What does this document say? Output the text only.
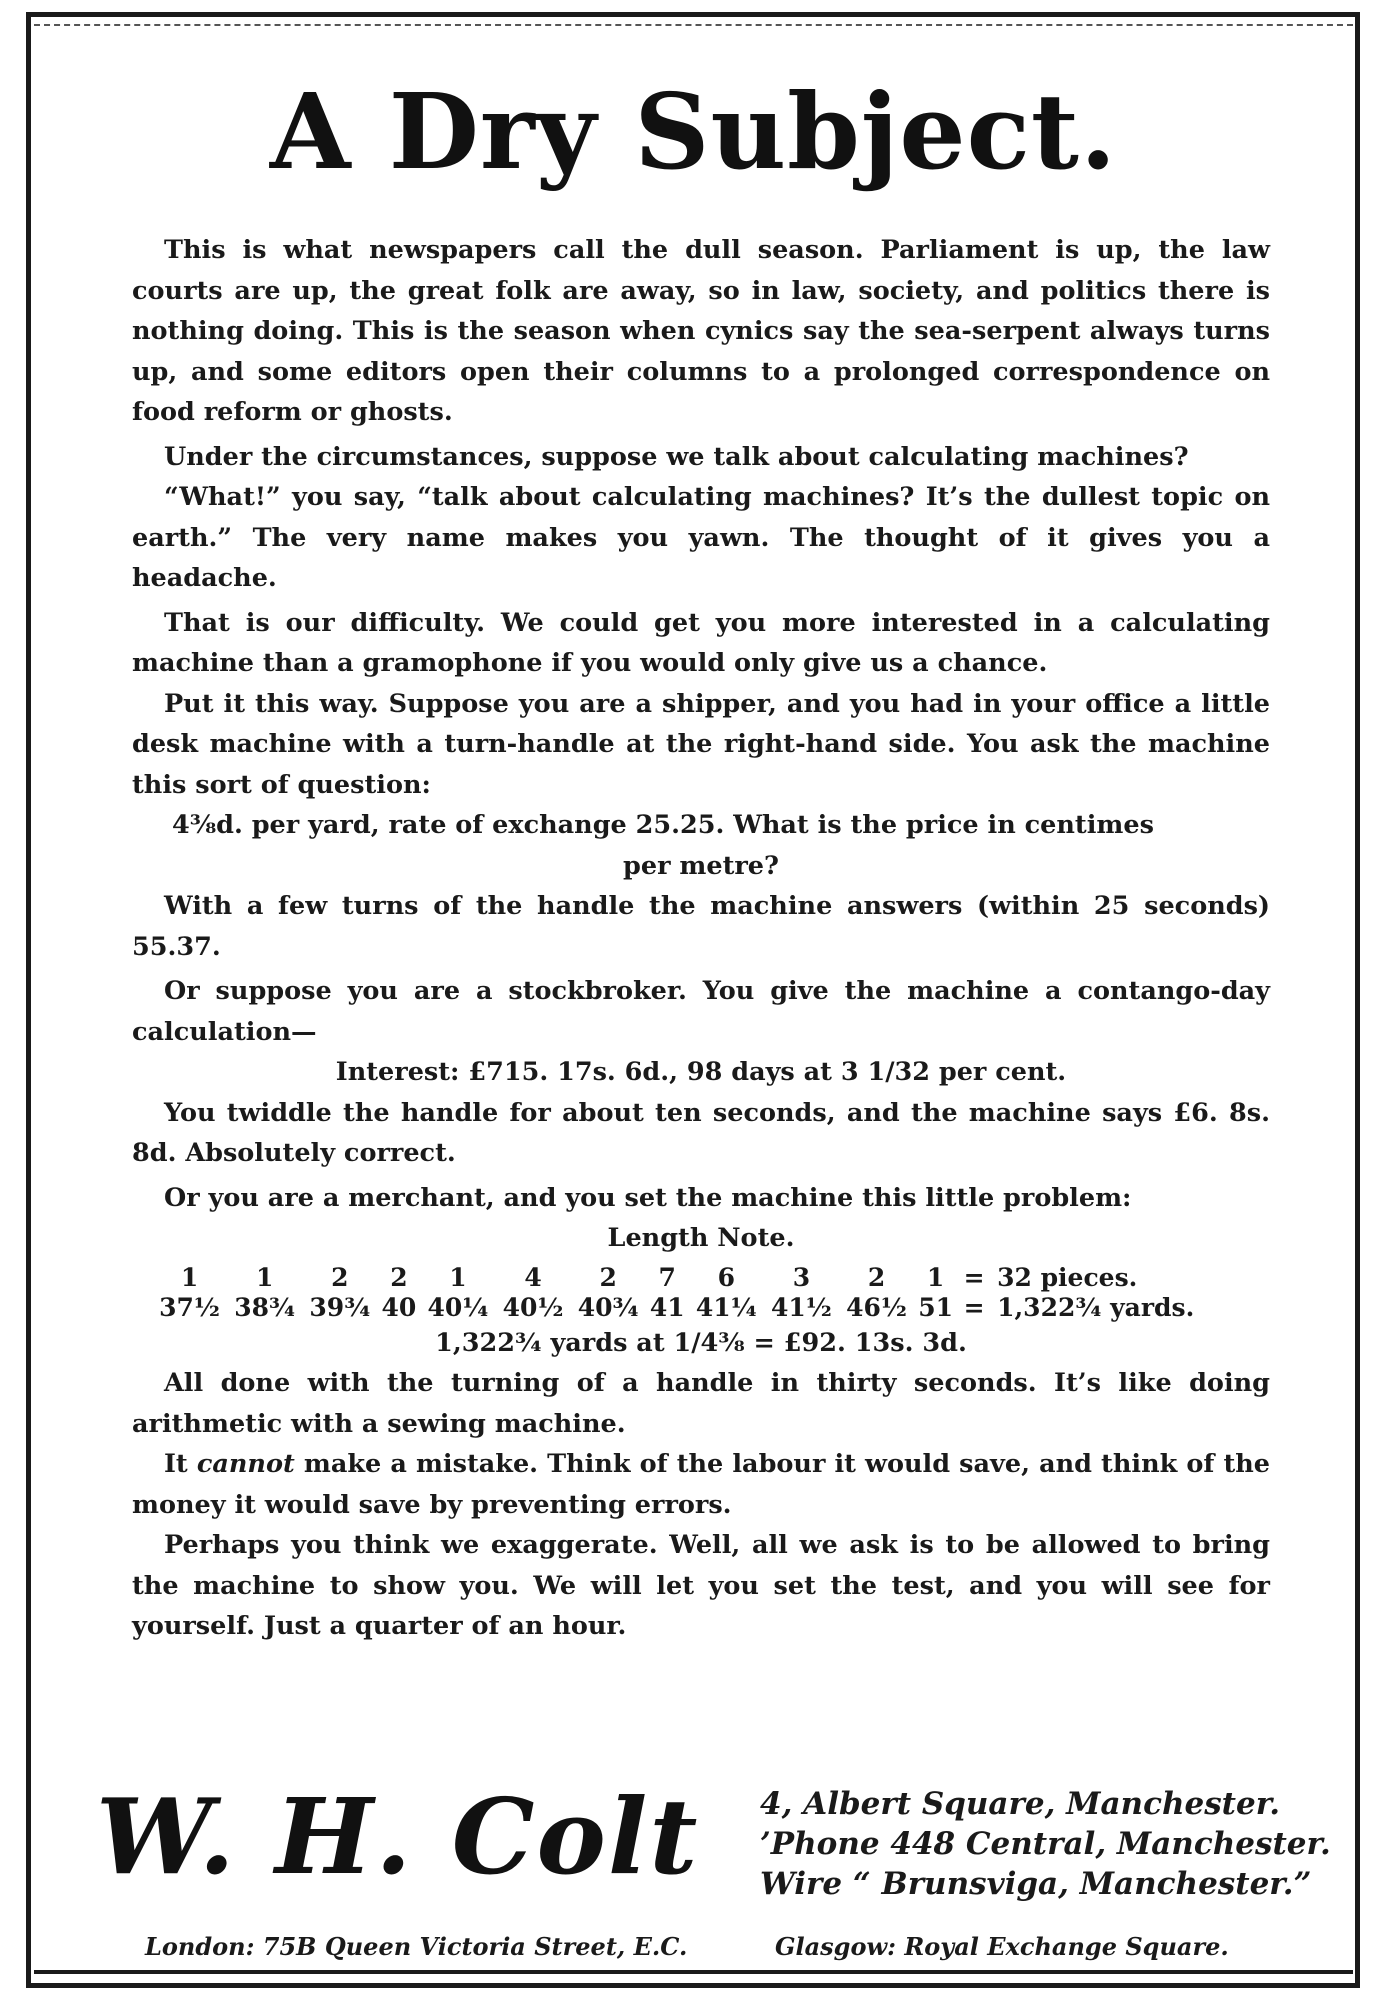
A Dry Subject.

This is what newspapers call the dull season. Parliament is up, the law courts are up, the great folk are away, so in law, society, and politics there is nothing doing. This is the season when cynics say the sea-serpent always turns up, and some editors open their columns to a prolonged correspondence on food reform or ghosts.

Under the circumstances, suppose we talk about calculating machines?

“What!” you say, “talk about calculating machines? It’s the dullest topic on earth.” The very name makes you yawn. The thought of it gives you a headache.

That is our difficulty. We could get you more interested in a calculating machine than a gramophone if you would only give us a chance.

Put it this way. Suppose you are a shipper, and you had in your office a little desk machine with a turn-handle at the right-hand side. You ask the machine this sort of question:

4⅜d. per yard, rate of exchange 25.25. What is the price in centimes

per metre?

With a few turns of the handle the machine answers (within 25 seconds) 55.37.

Or suppose you are a stockbroker. You give the machine a contango-day calculation—

Interest: £715. 17s. 6d., 98 days at 3 1/32 per cent.

You twiddle the handle for about ten seconds, and the machine says £6. 8s. 8d. Absolutely correct.

Or you are a merchant, and you set the machine this little problem:

Length Note.

1	1	2	2	1	4	2	7	6	3	2	1	=	32 pieces.
37½	38¾	39¾	40	40¼	40½	40¾	41	41¼	41½	46½	51	=	1,322¾ yards.

1,322¾ yards at 1/4⅜ = £92. 13s. 3d.

All done with the turning of a handle in thirty seconds. It’s like doing arithmetic with a sewing machine.

It cannot make a mistake. Think of the labour it would save, and think of the money it would save by preventing errors.

Perhaps you think we exaggerate. Well, all we ask is to be allowed to bring the machine to show you. We will let you set the test, and you will see for yourself. Just a quarter of an hour.

W. H. Colt 4, Albert Square, Manchester.
’Phone 448 Central, Manchester.
Wire “ Brunsviga, Manchester.”
London: 75B Queen Victoria Street, E.C.	Glasgow: Royal Exchange Square.
